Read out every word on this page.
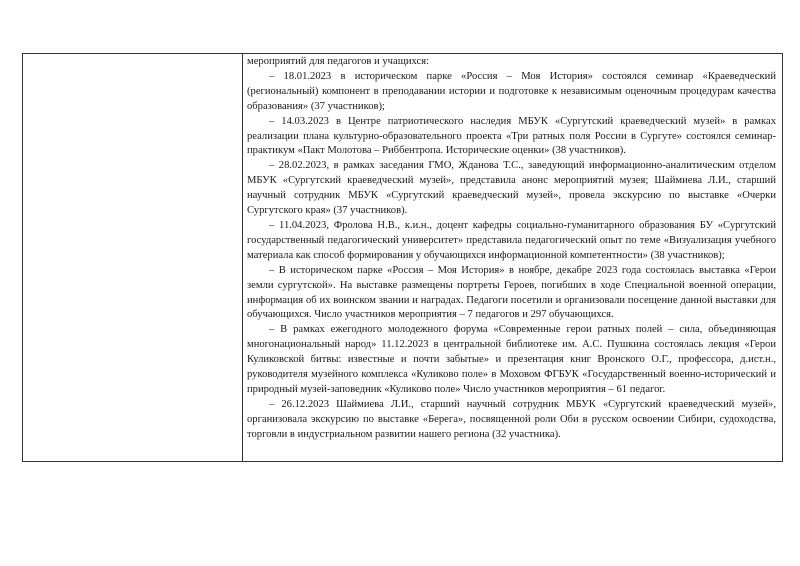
мероприятий для педагогов и учащихся:

– 18.01.2023 в историческом парке «Россия – Моя История» состоялся семинар «Краеведческий (региональный) компонент в преподавании истории и подготовке к независимым оценочным процедурам качества образования» (37 участников);

– 14.03.2023 в Центре патриотического наследия МБУК «Сургутский краеведческий музей» в рамках реализации плана культурно-образовательного проекта «Три ратных поля России в Сургуте» состоялся семинар-практикум «Пакт Молотова – Риббентропа. Исторические оценки» (38 участников).

– 28.02.2023, в рамках заседания ГМО, Жданова Т.С., заведующий информационно-аналитическим отделом МБУК «Сургутский краеведческий музей», представила анонс мероприятий музея; Шаймиева Л.И., старший научный сотрудник МБУК «Сургутский краеведческий музей», провела экскурсию по выставке «Очерки Сургутского края» (37 участников).

– 11.04.2023, Фролова Н.В., к.и.н., доцент кафедры социально-гуманитарного образования БУ «Сургутский государственный педагогический университет» представила педагогический опыт по теме «Визуализация учебного материала как способ формирования у обучающихся информационной компетентности» (38 участников);

– В историческом парке «Россия – Моя История» в ноябре, декабре 2023 года состоялась выставка «Герои земли сургутской». На выставке размещены портреты Героев, погибших в ходе Специальной военной операции, информация об их воинском звании и наградах. Педагоги посетили и организовали посещение данной выставки для обучающихся. Число участников мероприятия – 7 педагогов и 297 обучающихся.

– В рамках ежегодного молодежного форума «Современные герои ратных полей – сила, объединяющая многонациональный народ» 11.12.2023 в центральной библиотеке им. А.С. Пушкина состоялась лекция «Герои Куликовской битвы: известные и почти забытые» и презентация книг Вронского О.Г., профессора, д.ист.н., руководителя музейного комплекса «Куликово поле» в Моховом ФГБУК «Государственный военно-исторический и природный музей-заповедник «Куликово поле» Число участников мероприятия – 61 педагог.

– 26.12.2023 Шаймиева Л.И., старший научный сотрудник МБУК «Сургутский краеведческий музей», организовала экскурсию по выставке «Берега», посвященной роли Оби в русском освоении Сибири, судоходства, торговли в индустриальном развитии нашего региона (32 участника).
